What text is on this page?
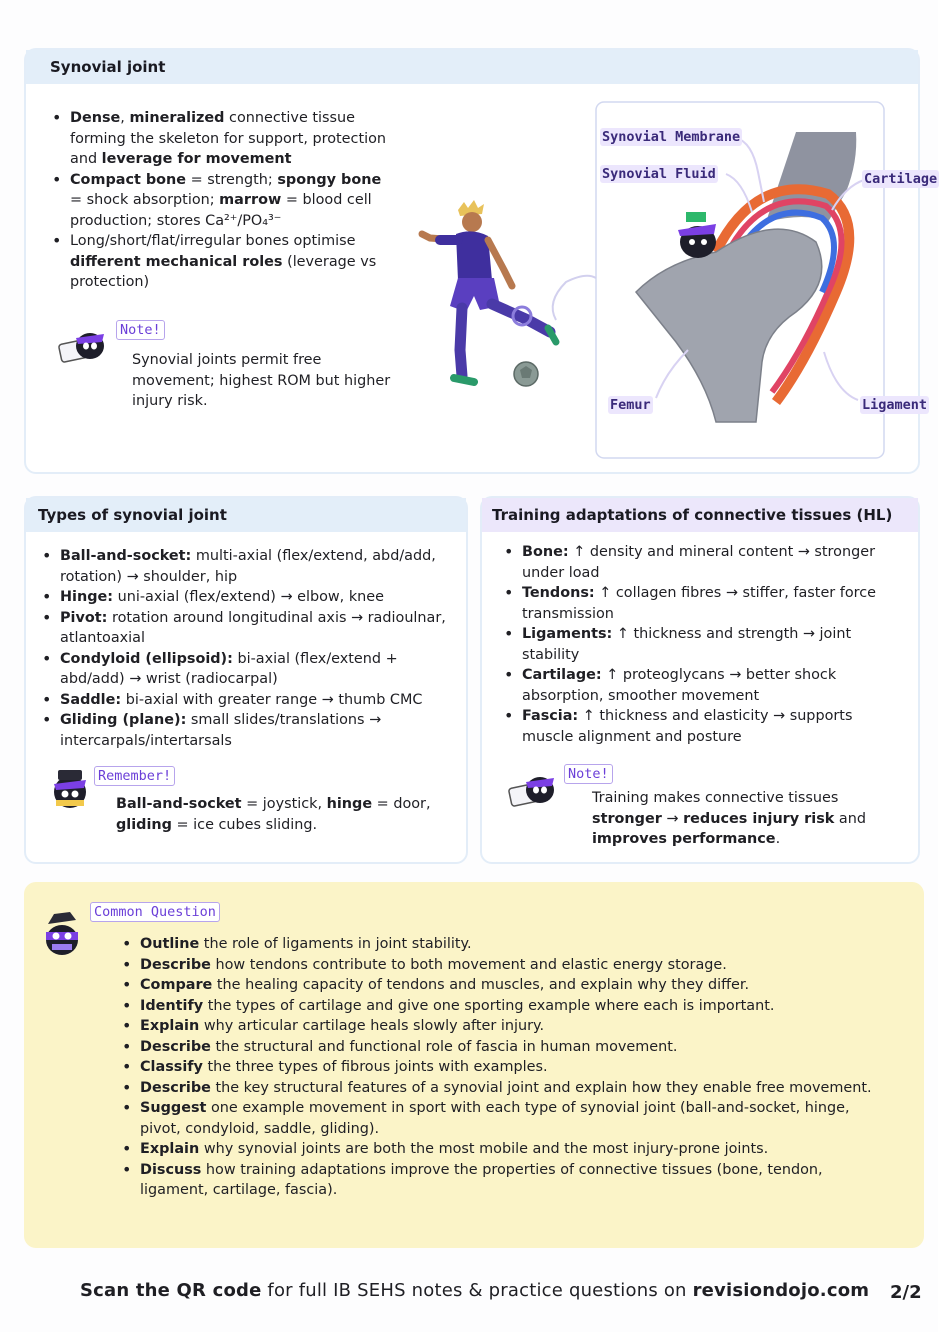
Synovial joint
• Dense, mineralized connective tissue forming the skeleton for support, protection and leverage for movement
• Compact bone = strength; spongy bone = shock absorption; marrow = blood cell production; stores Ca²⁺/PO₄³⁻
• Long/short/flat/irregular bones optimise different mechanical roles (leverage vs protection)
Note!
Synovial joints permit free movement; highest ROM but higher injury risk.
Synovial Membrane
Synovial Fluid	Cartilage
Femur	Ligament
Types of synovial joint
• Ball-and-socket: multi-axial (flex/extend, abd/add, rotation) → shoulder, hip
• Hinge: uni-axial (flex/extend) → elbow, knee
• Pivot: rotation around longitudinal axis → radioulnar, atlantoaxial
• Condyloid (ellipsoid): bi-axial (flex/extend + abd/add) → wrist (radiocarpal)
• Saddle: bi-axial with greater range → thumb CMC
• Gliding (plane): small slides/translations → intercarpals/intertarsals
Remember!
Ball-and-socket = joystick, hinge = door, gliding = ice cubes sliding.
Training adaptations of connective tissues (HL)
• Bone: ↑ density and mineral content → stronger under load
• Tendons: ↑ collagen fibres → stiffer, faster force transmission
• Ligaments: ↑ thickness and strength → joint stability
• Cartilage: ↑ proteoglycans → better shock absorption, smoother movement
• Fascia: ↑ thickness and elasticity → supports muscle alignment and posture
Note!
Training makes connective tissues stronger → reduces injury risk and improves performance.
Common Question
• Outline the role of ligaments in joint stability.
• Describe how tendons contribute to both movement and elastic energy storage.
• Compare the healing capacity of tendons and muscles, and explain why they differ.
• Identify the types of cartilage and give one sporting example where each is important.
• Explain why articular cartilage heals slowly after injury.
• Describe the structural and functional role of fascia in human movement.
• Classify the three types of fibrous joints with examples.
• Describe the key structural features of a synovial joint and explain how they enable free movement.
• Suggest one example movement in sport with each type of synovial joint (ball-and-socket, hinge, pivot, condyloid, saddle, gliding).
• Explain why synovial joints are both the most mobile and the most injury-prone joints.
• Discuss how training adaptations improve the properties of connective tissues (bone, tendon, ligament, cartilage, fascia).
Scan the QR code for full IB SEHS notes & practice questions on revisiondojo.com 2/2
